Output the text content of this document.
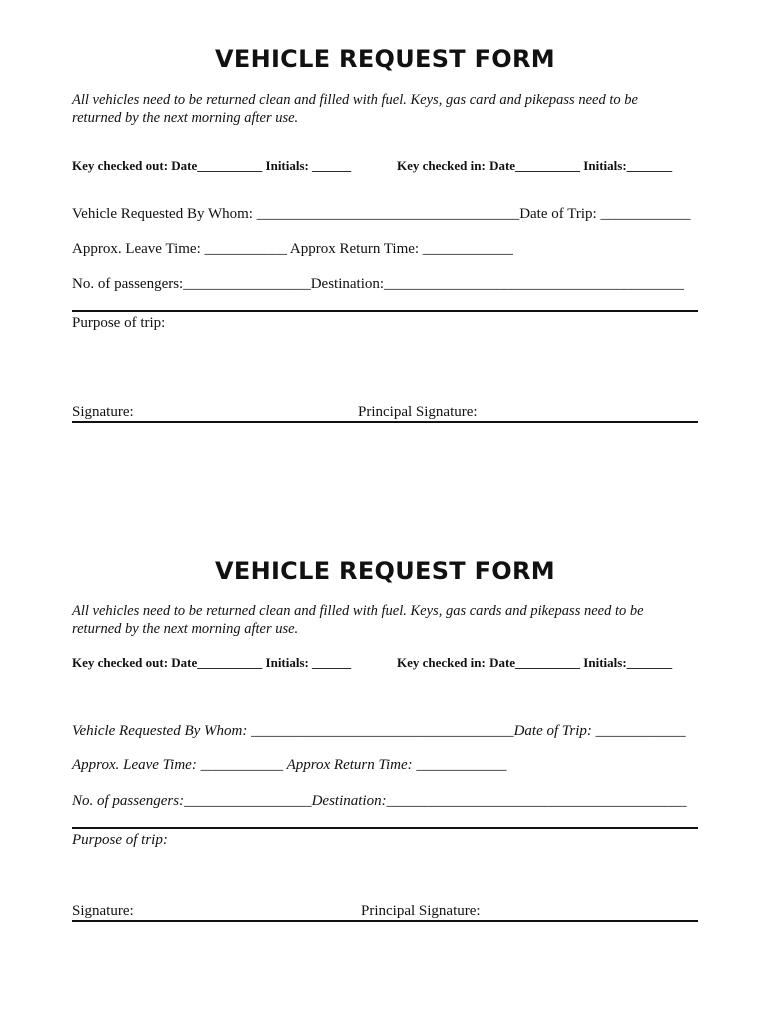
VEHICLE REQUEST FORM
All vehicles need to be returned clean and filled with fuel. Keys, gas card and pikepass need to be
returned by the next morning after use.
Key checked out: Date__________ Initials: ______	Key checked in: Date__________ Initials:_______
Vehicle Requested By Whom: ___________________________________Date of Trip: ____________
Approx. Leave Time: ___________ Approx Return Time: ____________
No. of passengers:_________________Destination:________________________________________
Purpose of trip:
Signature:	Principal Signature:
VEHICLE REQUEST FORM
All vehicles need to be returned clean and filled with fuel. Keys, gas cards and pikepass need to be
returned by the next morning after use.
Key checked out: Date__________ Initials: ______	Key checked in: Date__________ Initials:_______
Vehicle Requested By Whom: ___________________________________Date of Trip: ____________
Approx. Leave Time: ___________ Approx Return Time: ____________
No. of passengers:_________________Destination:________________________________________
Purpose of trip:
Signature:	Principal Signature:
